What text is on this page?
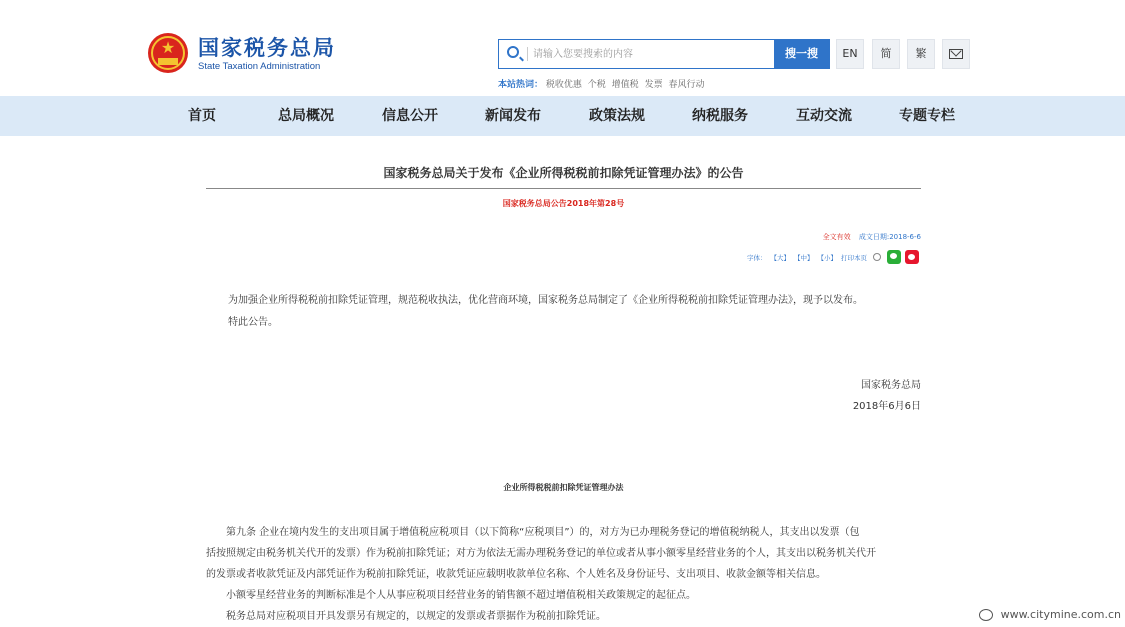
★	国家税务总局
State Taxation Administration
请输入您要搜索的内容
搜一搜
本站热词： 税收优惠 个税 增值税 发票 春风行动
EN	简	繁
首页	总局概况	信息公开	新闻发布	政策法规	纳税服务	互动交流	专题专栏
国家税务总局关于发布《企业所得税税前扣除凭证管理办法》的公告
国家税务总局公告2018年第28号
全文有效 成文日期:2018-6-6
字体： 【大】 【中】 【小】 打印本页
为加强企业所得税税前扣除凭证管理，规范税收执法，优化营商环境，国家税务总局制定了《企业所得税税前扣除凭证管理办法》，现予以发布。
特此公告。
国家税务总局
2018年6月6日
企业所得税税前扣除凭证管理办法
第九条 企业在境内发生的支出项目属于增值税应税项目（以下简称“应税项目”）的，对方为已办理税务登记的增值税纳税人，其支出以发票（包
括按照规定由税务机关代开的发票）作为税前扣除凭证；对方为依法无需办理税务登记的单位或者从事小额零星经营业务的个人，其支出以税务机关代开
的发票或者收款凭证及内部凭证作为税前扣除凭证，收款凭证应载明收款单位名称、个人姓名及身份证号、支出项目、收款金额等相关信息。
小额零星经营业务的判断标准是个人从事应税项目经营业务的销售额不超过增值税相关政策规定的起征点。
税务总局对应税项目开具发票另有规定的，以规定的发票或者票据作为税前扣除凭证。	www.citymine.com.cn
